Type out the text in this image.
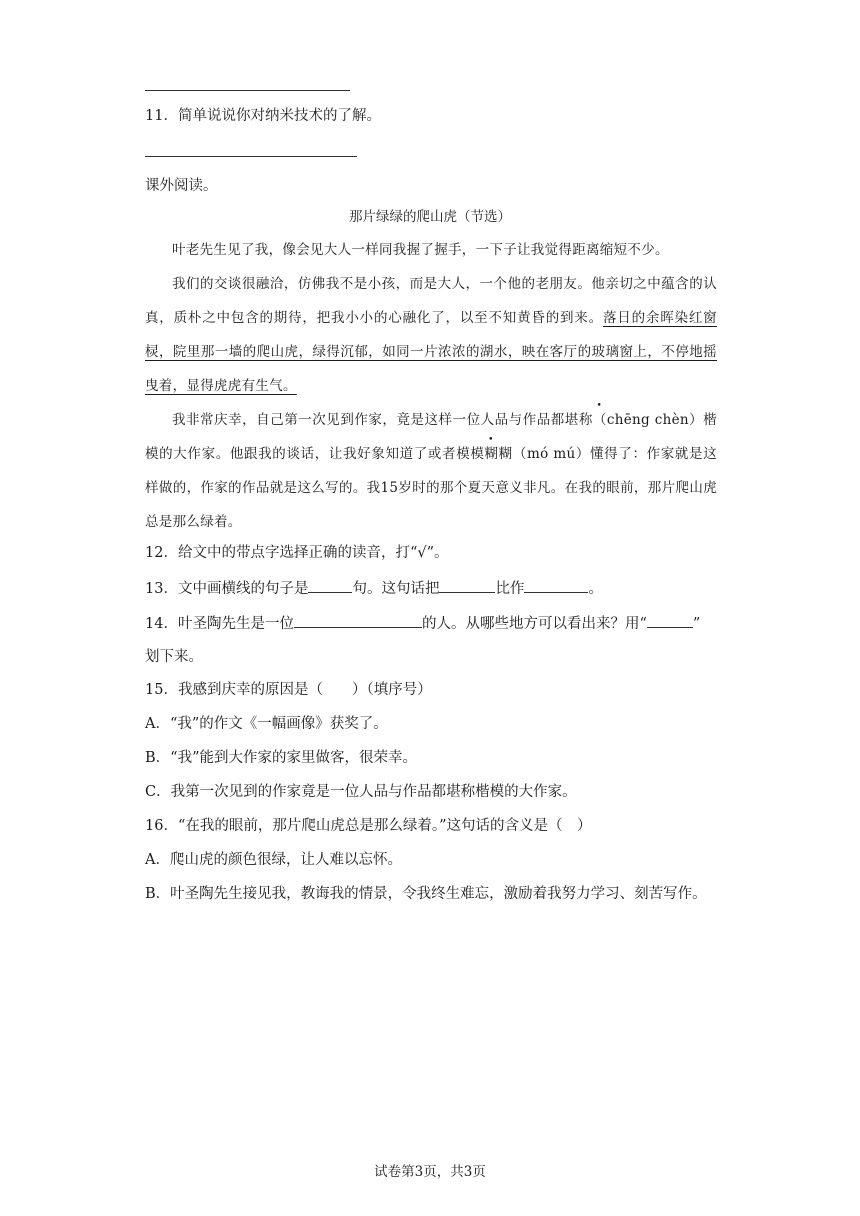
11．简单说说你对纳米技术的了解。
课外阅读。
那片绿绿的爬山虎（节选）
叶老先生见了我，像会见大人一样同我握了握手，一下子让我觉得距离缩短不少。
我们的交谈很融洽，仿佛我不是小孩，而是大人，一个他的老朋友。他亲切之中蕴含的认真，质朴之中包含的期待，把我小小的心融化了，以至不知黄昏的到来。落日的余晖染红窗棂，院里那一墙的爬山虎，绿得沉郁，如同一片浓浓的湖水，映在客厅的玻璃窗上，不停地摇曳着，显得虎虎有生气。
我非常庆幸，自己第一次见到作家，竟是这样一位人品与作品都堪称（chēng chèn）楷模的大作家。他跟我的谈话，让我好象知道了或者模模糊糊（mó mú）懂得了：作家就是这样做的，作家的作品就是这么写的。我15岁时的那个夏天意义非凡。在我的眼前，那片爬山虎总是那么绿着。
12．给文中的带点字选择正确的读音，打“√”。
13．文中画横线的句子是	句。这句话把	比作	。
14．叶圣陶先生是一位	的人。从哪些地方可以看出来？用“	”
划下来。
15．我感到庆幸的原因是（　　）（填序号）
A．“我”的作文《一幅画像》获奖了。
B．“我”能到大作家的家里做客，很荣幸。
C．我第一次见到的作家竟是一位人品与作品都堪称楷模的大作家。
16．“在我的眼前，那片爬山虎总是那么绿着。”这句话的含义是（　）
A．爬山虎的颜色很绿，让人难以忘怀。
B．叶圣陶先生接见我，教诲我的情景，令我终生难忘，激励着我努力学习、刻苦写作。
试卷第3页，共3页
